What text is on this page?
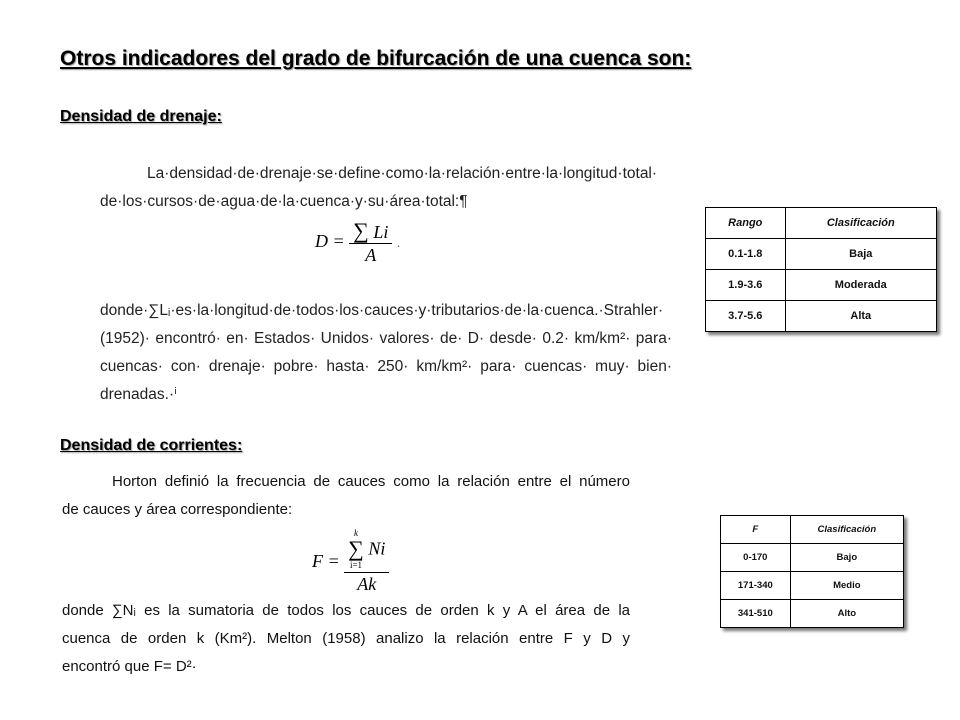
Otros indicadores del grado de bifurcación de una cuenca son:
Densidad de drenaje:
La·densidad·de·drenaje·se·define·como·la·relación·entre·la·longitud·total·
de·los·cursos·de·agua·de·la·cuenca·y·su·área·total:¶
$D = \frac{\sum Li}{A}$ .
donde·∑Lᵢ·es·la·longitud·de·todos·los·cauces·y·tributarios·de·la·cuenca.·Strahler·
(1952)· encontró· en· Estados· Unidos· valores· de· D· desde· 0.2· km/km²· para·
cuencas· con· drenaje· pobre· hasta· 250· km/km²· para· cuencas· muy· bien·
drenadas.·ⁱ
Rango	Clasificación
0.1-1.8	Baja
1.9-3.6	Moderada
3.7-5.6	Alta
Densidad de corrientes:
Horton definió la frecuencia de cauces como la relación entre el número
de cauces y área correspondiente:
F = k
∑
i=1
Ni
Ak
donde ∑Nᵢ es la sumatoria de todos los cauces de orden k y A el área de la
cuenca de orden k (Km²). Melton (1958) analizo la relación entre F y D y
encontró que F= D²·
F	Clasificación
0-170	Bajo
171-340	Medio
341-510	Alto
